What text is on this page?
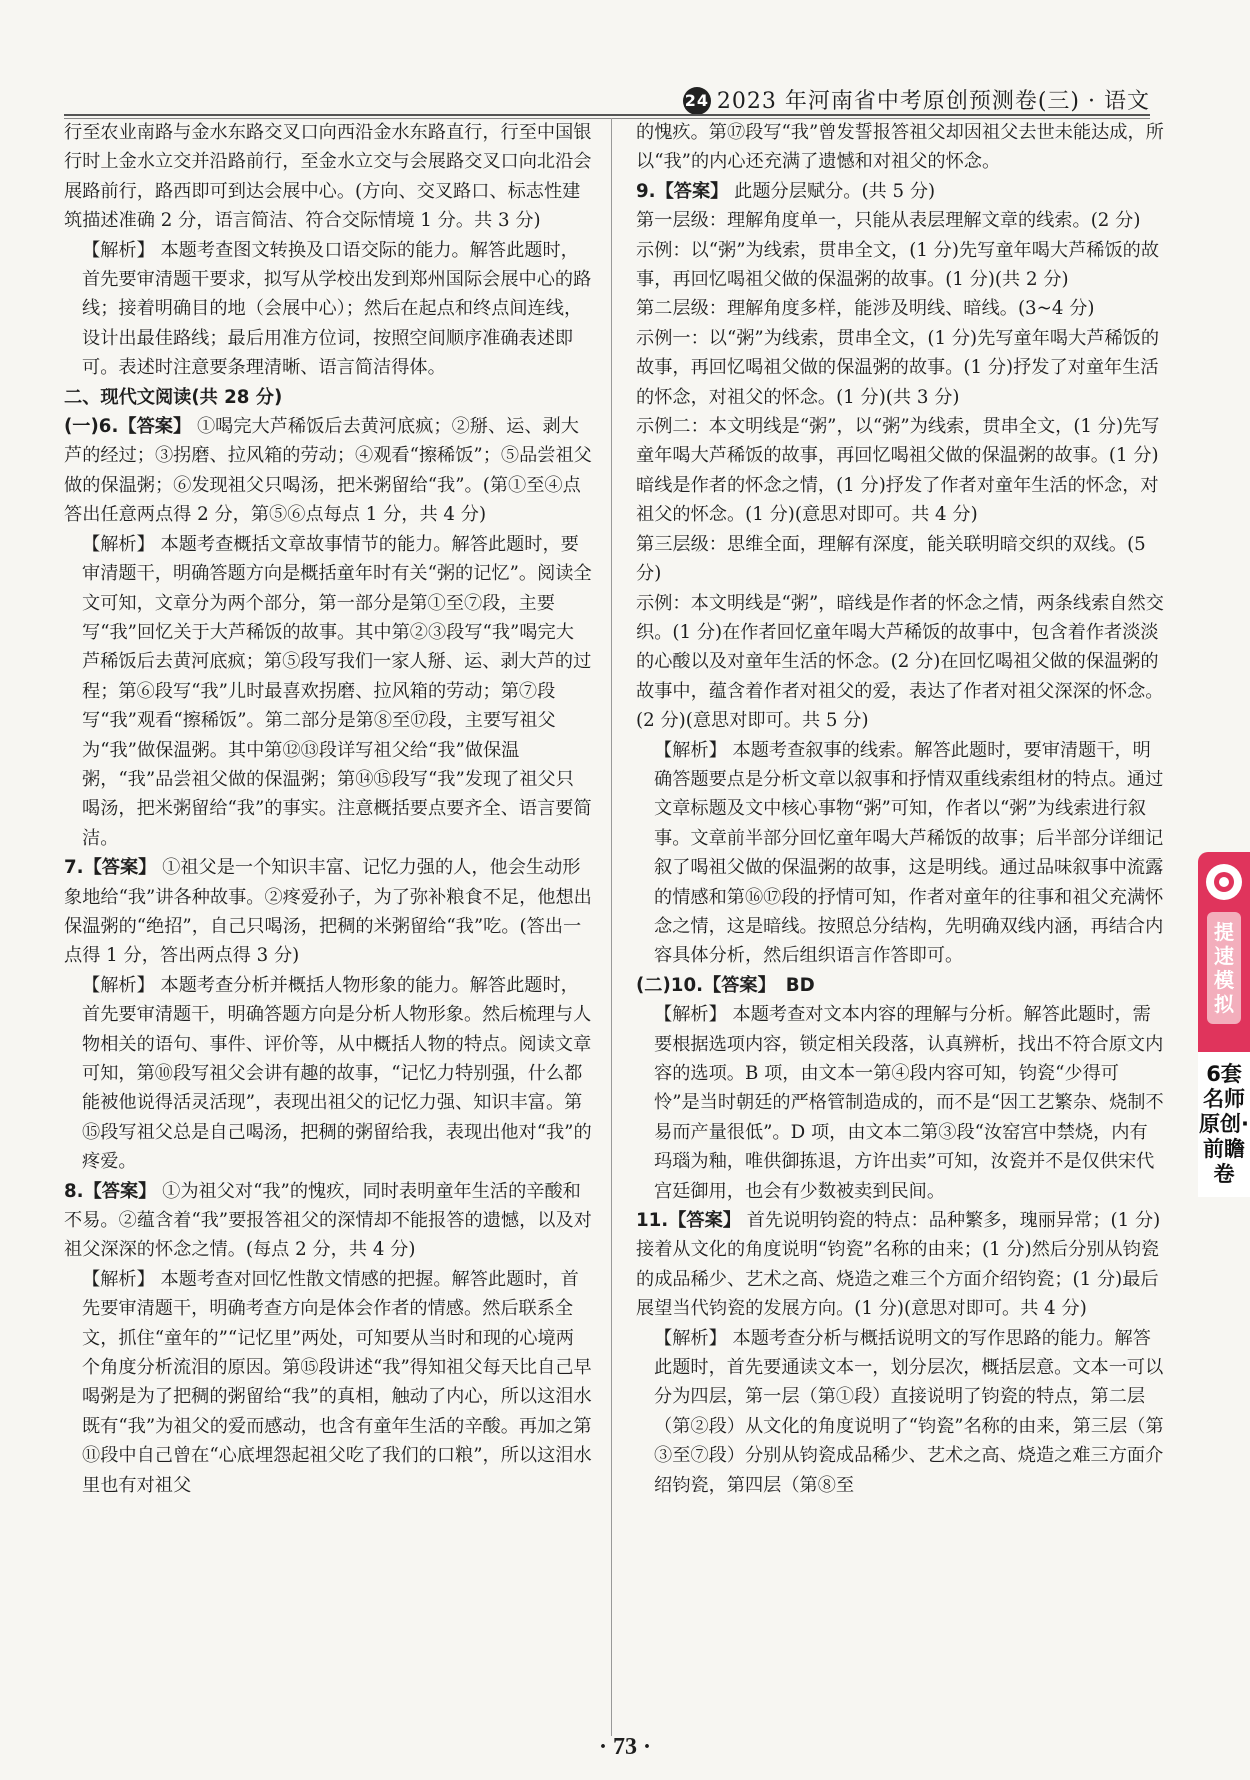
24 2023 年河南省中考原创预测卷(三) · 语文

行至农业南路与金水东路交叉口向西沿金水东路直行，行至中国银行时上金水立交并沿路前行，至金水立交与会展路交叉口向北沿会展路前行，路西即可到达会展中心。(方向、交叉路口、标志性建筑描述准确 2 分，语言简洁、符合交际情境 1 分。共 3 分)

【解析】 本题考查图文转换及口语交际的能力。解答此题时，首先要审清题干要求，拟写从学校出发到郑州国际会展中心的路线；接着明确目的地（会展中心）；然后在起点和终点间连线，设计出最佳路线；最后用准方位词，按照空间顺序准确表述即可。表述时注意要条理清晰、语言简洁得体。

二、现代文阅读(共 28 分)

(一)6.【答案】 ①喝完大芦稀饭后去黄河底疯；②掰、运、剥大芦的经过；③拐磨、拉风箱的劳动；④观看“擦稀饭”；⑤品尝祖父做的保温粥；⑥发现祖父只喝汤，把米粥留给“我”。(第①至④点答出任意两点得 2 分，第⑤⑥点每点 1 分，共 4 分)

【解析】 本题考查概括文章故事情节的能力。解答此题时，要审清题干，明确答题方向是概括童年时有关“粥的记忆”。阅读全文可知，文章分为两个部分，第一部分是第①至⑦段，主要写“我”回忆关于大芦稀饭的故事。其中第②③段写“我”喝完大芦稀饭后去黄河底疯；第⑤段写我们一家人掰、运、剥大芦的过程；第⑥段写“我”儿时最喜欢拐磨、拉风箱的劳动；第⑦段写“我”观看“擦稀饭”。第二部分是第⑧至⑰段，主要写祖父为“我”做保温粥。其中第⑫⑬段详写祖父给“我”做保温粥，“我”品尝祖父做的保温粥；第⑭⑮段写“我”发现了祖父只喝汤，把米粥留给“我”的事实。注意概括要点要齐全、语言要简洁。

7.【答案】 ①祖父是一个知识丰富、记忆力强的人，他会生动形象地给“我”讲各种故事。②疼爱孙子，为了弥补粮食不足，他想出保温粥的“绝招”，自己只喝汤，把稠的米粥留给“我”吃。(答出一点得 1 分，答出两点得 3 分)

【解析】 本题考查分析并概括人物形象的能力。解答此题时，首先要审清题干，明确答题方向是分析人物形象。然后梳理与人物相关的语句、事件、评价等，从中概括人物的特点。阅读文章可知，第⑩段写祖父会讲有趣的故事，“记忆力特别强，什么都能被他说得活灵活现”，表现出祖父的记忆力强、知识丰富。第⑮段写祖父总是自己喝汤，把稠的粥留给我，表现出他对“我”的疼爱。

8.【答案】 ①为祖父对“我”的愧疚，同时表明童年生活的辛酸和不易。②蕴含着“我”要报答祖父的深情却不能报答的遗憾，以及对祖父深深的怀念之情。(每点 2 分，共 4 分)

【解析】 本题考查对回忆性散文情感的把握。解答此题时，首先要审清题干，明确考查方向是体会作者的情感。然后联系全文，抓住“童年的”“记忆里”两处，可知要从当时和现的心境两个角度分析流泪的原因。第⑮段讲述“我”得知祖父每天比自己早喝粥是为了把稠的粥留给“我”的真相，触动了内心，所以这泪水既有“我”为祖父的爱而感动，也含有童年生活的辛酸。再加之第⑪段中自己曾在“心底埋怨起祖父吃了我们的口粮”，所以这泪水里也有对祖父

的愧疚。第⑰段写“我”曾发誓报答祖父却因祖父去世未能达成，所以“我”的内心还充满了遗憾和对祖父的怀念。

9.【答案】 此题分层赋分。(共 5 分)

第一层级：理解角度单一，只能从表层理解文章的线索。(2 分)

示例：以“粥”为线索，贯串全文，(1 分)先写童年喝大芦稀饭的故事，再回忆喝祖父做的保温粥的故事。(1 分)(共 2 分)

第二层级：理解角度多样，能涉及明线、暗线。(3~4 分)

示例一：以“粥”为线索，贯串全文，(1 分)先写童年喝大芦稀饭的故事，再回忆喝祖父做的保温粥的故事。(1 分)抒发了对童年生活的怀念，对祖父的怀念。(1 分)(共 3 分)

示例二：本文明线是“粥”，以“粥”为线索，贯串全文，(1 分)先写童年喝大芦稀饭的故事，再回忆喝祖父做的保温粥的故事。(1 分)暗线是作者的怀念之情，(1 分)抒发了作者对童年生活的怀念，对祖父的怀念。(1 分)(意思对即可。共 4 分)

第三层级：思维全面，理解有深度，能关联明暗交织的双线。(5 分)

示例：本文明线是“粥”，暗线是作者的怀念之情，两条线索自然交织。(1 分)在作者回忆童年喝大芦稀饭的故事中，包含着作者淡淡的心酸以及对童年生活的怀念。(2 分)在回忆喝祖父做的保温粥的故事中，蕴含着作者对祖父的爱，表达了作者对祖父深深的怀念。(2 分)(意思对即可。共 5 分)

【解析】 本题考查叙事的线索。解答此题时，要审清题干，明确答题要点是分析文章以叙事和抒情双重线索组材的特点。通过文章标题及文中核心事物“粥”可知，作者以“粥”为线索进行叙事。文章前半部分回忆童年喝大芦稀饭的故事；后半部分详细记叙了喝祖父做的保温粥的故事，这是明线。通过品味叙事中流露的情感和第⑯⑰段的抒情可知，作者对童年的往事和祖父充满怀念之情，这是暗线。按照总分结构，先明确双线内涵，再结合内容具体分析，然后组织语言作答即可。

(二)10.【答案】 BD

【解析】 本题考查对文本内容的理解与分析。解答此题时，需要根据选项内容，锁定相关段落，认真辨析，找出不符合原文内容的选项。B 项，由文本一第④段内容可知，钧瓷“少得可怜”是当时朝廷的严格管制造成的，而不是“因工艺繁杂、烧制不易而产量很低”。D 项，由文本二第③段“汝窑宫中禁烧，内有玛瑙为釉，唯供御拣退，方许出卖”可知，汝瓷并不是仅供宋代宫廷御用，也会有少数被卖到民间。

11.【答案】 首先说明钧瓷的特点：品种繁多，瑰丽异常；(1 分)接着从文化的角度说明“钧瓷”名称的由来；(1 分)然后分别从钧瓷的成品稀少、艺术之高、烧造之难三个方面介绍钧瓷；(1 分)最后展望当代钧瓷的发展方向。(1 分)(意思对即可。共 4 分)

【解析】 本题考查分析与概括说明文的写作思路的能力。解答此题时，首先要通读文本一，划分层次，概括层意。文本一可以分为四层，第一层（第①段）直接说明了钧瓷的特点，第二层（第②段）从文化的角度说明了“钧瓷”名称的由来，第三层（第③至⑦段）分别从钧瓷成品稀少、艺术之高、烧造之难三方面介绍钧瓷，第四层（第⑧至

提速模拟
6套名师原创·前瞻卷
· 73 ·
